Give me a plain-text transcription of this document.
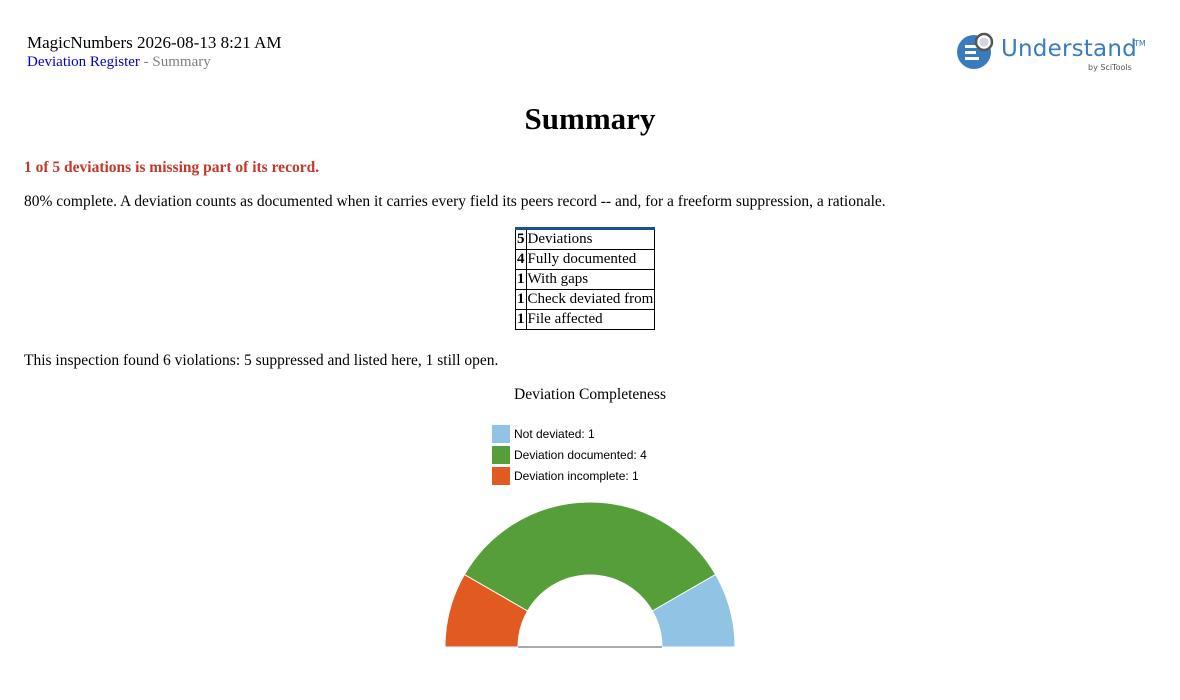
MagicNumbers 2026-08-13 8:21 AM
Deviation Register - Summary	Understand
TM
by SciTools
Summary
1 of 5 deviations is missing part of its record.
80% complete. A deviation counts as documented when it carries every field its peers record -- and, for a freeform suppression, a rationale.
5	Deviations
4	Fully documented
1	With gaps
1	Check deviated from
1	File affected
This inspection found 6 violations: 5 suppressed and listed here, 1 still open.
Deviation Completeness
Not deviated: 1
Deviation documented: 4
Deviation incomplete: 1
